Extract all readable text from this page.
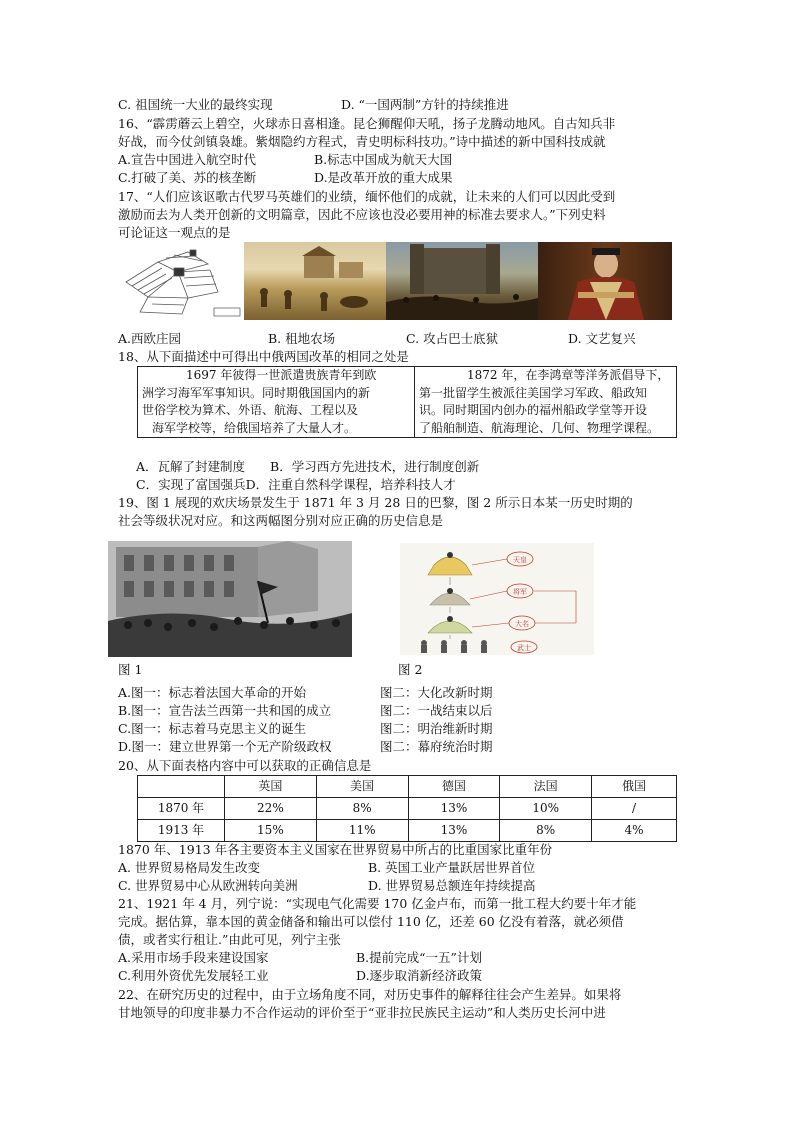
C. 祖国统一大业的最终实现	D. “一国两制”方针的持续推进
16、“霹雳蘑云上碧空，火球赤日喜相逢。昆仑狮醒仰天吼，扬子龙腾动地风。自古知兵非
好战，而今仗剑镇袅雄。紫烟隐约方程式，青史明标科技功。”诗中描述的新中国科技成就
A.宣告中国进入航空时代	B.标志中国成为航天大国
C.打破了美、苏的核垄断	D.是改革开放的重大成果
17、“人们应该讴歌古代罗马英雄们的业绩，缅怀他们的成就，让未来的人们可以因此受到
激励而去为人类开创新的文明篇章，因此不应该也没必要用神的标准去要求人。”下列史料
可论证这一观点的是
A.西欧庄园	B. 租地农场	C. 攻占巴士底狱	D. 文艺复兴
18、从下面描述中可得出中俄两国改革的相同之处是
1697 年彼得一世派遣贵族青年到欧
洲学习海军军事知识。同时期俄国国内的新
世俗学校为算术、外语、航海、工程以及
海军学校等，给俄国培养了大量人才。

1872 年，在李鸿章等洋务派倡导下，
第一批留学生被派往美国学习军政、船政知
识。同时期国内创办的福州船政学堂等开设
了船舶制造、航海理论、几何、物理学课程。
A．瓦解了封建制度　　B．学习西方先进技术，进行制度创新
C．实现了富国强兵D．注重自然科学课程，培养科技人才
19、图 1 展现的欢庆场景发生于 1871 年 3 月 28 日的巴黎，图 2 所示日本某一历史时期的
社会等级状况对应。和这两幅图分别对应正确的历史信息是
天皇
将军
大名
武士
图 1	图 2
A.图一：标志着法国大革命的开始	图二：大化改新时期
B.图一：宣告法兰西第一共和国的成立	图二：一战结束以后
C.图一：标志着马克思主义的诞生	图二：明治维新时期
D.图一：建立世界第一个无产阶级政权	图二：幕府统治时期
20、从下面表格内容中可以获取的正确信息是
	英国	美国	德国	法国	俄国
1870 年	22%	8%	13%	10%	/
1913 年	15%	11%	13%	8%	4%
1870 年、1913 年各主要资本主义国家在世界贸易中所占的比重国家比重年份
A. 世界贸易格局发生改变	B. 英国工业产量跃居世界首位
C. 世界贸易中心从欧洲转向美洲	D. 世界贸易总额连年持续提高
21、1921 年 4 月，列宁说：“实现电气化需要 170 亿金卢布，而第一批工程大约要十年才能
完成。据估算，靠本国的黄金储备和输出可以偿付 110 亿，还差 60 亿没有着落，就必须借
债，或者实行租让.”由此可见，列宁主张
A.采用市场手段来建设国家	B.提前完成“一五”计划
C.利用外资优先发展轻工业	D.逐步取消新经济政策
22、在研究历史的过程中，由于立场角度不同，对历史事件的解释往往会产生差异。如果将
甘地领导的印度非暴力不合作运动的评价至于“亚非拉民族民主运动”和人类历史长河中进
